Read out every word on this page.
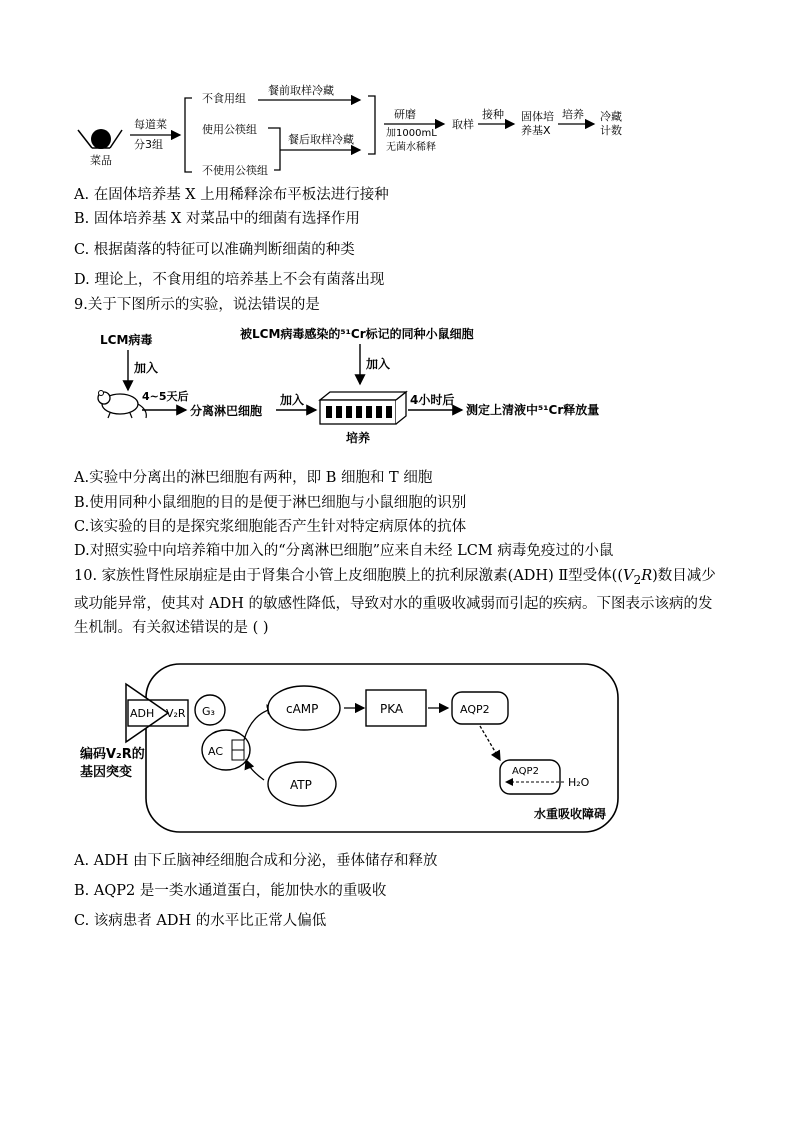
菜品
每道菜
分3组
不食用组
使用公筷组
不使用公筷组
餐前取样冷藏
餐后取样冷藏
研磨
加1000mL
无菌水稀释
取样
接种 固体培
养基X
培养 冷藏
计数
A. 在固体培养基 X 上用稀释涂布平板法进行接种
B. 固体培养基 X 对菜品中的细菌有选择作用
C. 根据菌落的特征可以准确判断细菌的种类
D. 理论上，不食用组的培养基上不会有菌落出现
9.关于下图所示的实验，说法错误的是
LCM病毒
加入
被LCM病毒感染的⁵¹Cr标记的同种小鼠细胞
加入
4~5天后
分离淋巴细胞
加入
培养
4小时后
测定上清液中⁵¹Cr释放量
A.实验中分离出的淋巴细胞有两种，即 B 细胞和 T 细胞
B.使用同种小鼠细胞的目的是便于淋巴细胞与小鼠细胞的识别
C.该实验的目的是探究浆细胞能否产生针对特定病原体的抗体
D.对照实验中向培养箱中加入的“分离淋巴细胞”应来自未经 LCM 病毒免疫过的小鼠
10. 家族性肾性尿崩症是由于肾集合小管上皮细胞膜上的抗利尿激素(ADH) Ⅱ型受体($(V_2R)$数目减少或功能异常，使其对 ADH 的敏感性降低，导致对水的重吸收减弱而引起的疾病。下图表示该病的发生机制。有关叙述错误的是 ( )
ADH V₂R G₃
AC
cAMP	PKA	AQP2
ATP
AQP2
H₂O
编码V₂R的
基因突变
水重吸收障碍
A. ADH 由下丘脑神经细胞合成和分泌，垂体储存和释放
B. AQP2 是一类水通道蛋白，能加快水的重吸收
C. 该病患者 ADH 的水平比正常人偏低
